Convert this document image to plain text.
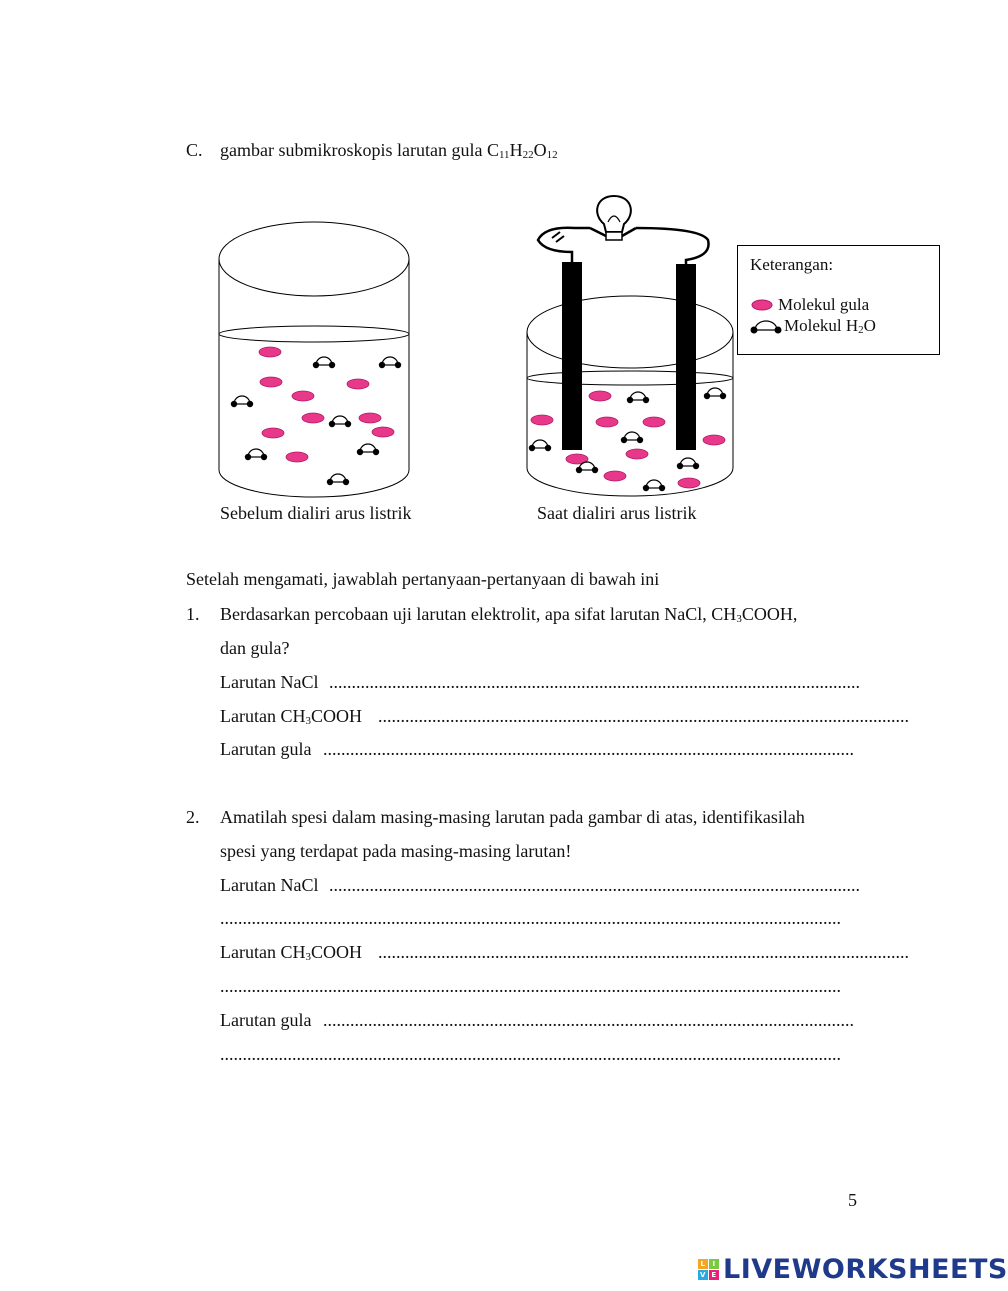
C. gambar submikroskopis larutan gula $C_{11}H_{22}O_{12}$
Sebelum dialiri arus listrik	Saat dialiri arus listrik
Keterangan:
Molekul gula
Molekul $H_2O$
Setelah mengamati, jawablah pertanyaan-pertanyaan di bawah ini
1. Berdasarkan percobaan uji larutan elektrolit, apa sifat larutan NaCl, $CH_3COOH$,
dan gula?
Larutan NaCl ......................................................................................................................
Larutan $CH_3COOH$ ......................................................................................................................
Larutan gula ......................................................................................................................
2. Amatilah spesi dalam masing-masing larutan pada gambar di atas, identifikasilah
spesi yang terdapat pada masing-masing larutan!
Larutan NaCl ......................................................................................................................
..........................................................................................................................................
Larutan $CH_3COOH$ ......................................................................................................................
..........................................................................................................................................
Larutan gula ......................................................................................................................
..........................................................................................................................................
5
L I
V E LIVEWORKSHEETS
